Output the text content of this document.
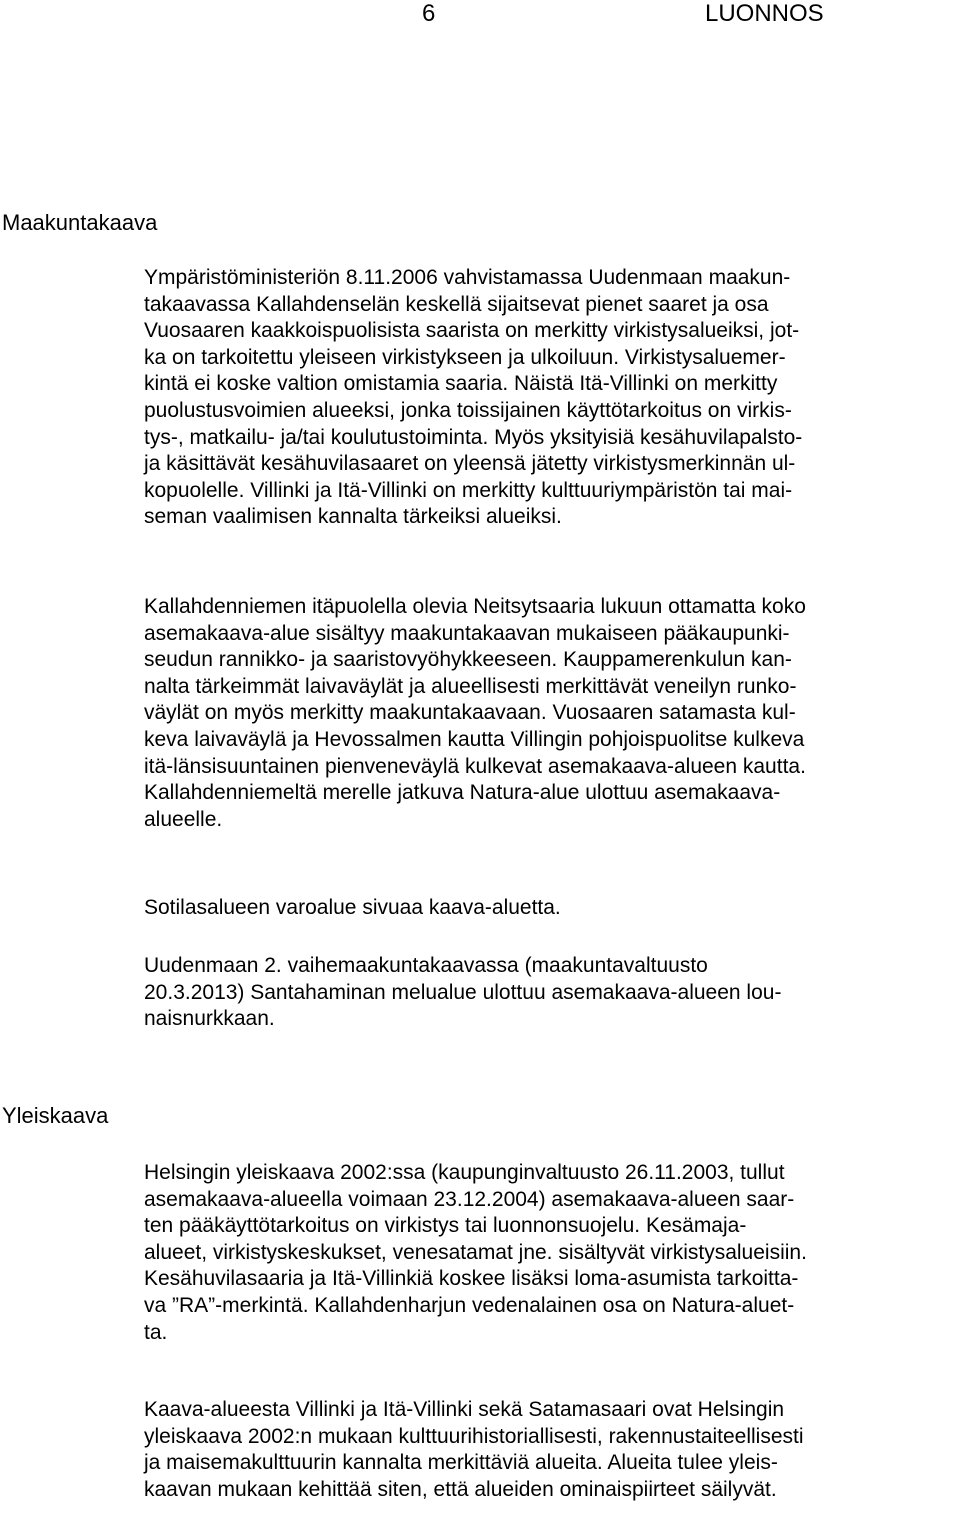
6	LUONNOS
Maakuntakaava

Ympäristöministeriön 8.11.2006 vahvistamassa Uudenmaan maakun-
takaavassa Kallahdenselän keskellä sijaitsevat pienet saaret ja osa
Vuosaaren kaakkoispuolisista saarista on merkitty virkistysalueiksi, jot-
ka on tarkoitettu yleiseen virkistykseen ja ulkoiluun. Virkistysaluemer-
kintä ei koske valtion omistamia saaria. Näistä Itä-Villinki on merkitty
puolustusvoimien alueeksi, jonka toissijainen käyttötarkoitus on virkis-
tys-, matkailu- ja/tai koulutustoiminta. Myös yksityisiä kesähuvilapalsto-
ja käsittävät kesähuvilasaaret on yleensä jätetty virkistysmerkinnän ul-
kopuolelle. Villinki ja Itä-Villinki on merkitty kulttuuriympäristön tai mai-
seman vaalimisen kannalta tärkeiksi alueiksi.

Kallahdenniemen itäpuolella olevia Neitsytsaaria lukuun ottamatta koko
asemakaava-alue sisältyy maakuntakaavan mukaiseen pääkaupunki-
seudun rannikko- ja saaristovyöhykkeeseen. Kauppamerenkulun kan-
nalta tärkeimmät laivaväylät ja alueellisesti merkittävät veneilyn runko-
väylät on myös merkitty maakuntakaavaan. Vuosaaren satamasta kul-
keva laivaväylä ja Hevossalmen kautta Villingin pohjoispuolitse kulkeva
itä-länsisuuntainen pienveneväylä kulkevat asemakaava-alueen kautta.
Kallahdenniemeltä merelle jatkuva Natura-alue ulottuu asemakaava-
alueelle.

Sotilasalueen varoalue sivuaa kaava-aluetta.

Uudenmaan 2. vaihemaakuntakaavassa (maakuntavaltuusto
20.3.2013) Santahaminan melualue ulottuu asemakaava-alueen lou-
naisnurkkaan.

Yleiskaava

Helsingin yleiskaava 2002:ssa (kaupunginvaltuusto 26.11.2003, tullut
asemakaava-alueella voimaan 23.12.2004) asemakaava-alueen saar-
ten pääkäyttötarkoitus on virkistys tai luonnonsuojelu. Kesämaja-
alueet, virkistyskeskukset, venesatamat jne. sisältyvät virkistysalueisiin.
Kesähuvilasaaria ja Itä-Villinkiä koskee lisäksi loma-asumista tarkoitta-
va ”RA”-merkintä. Kallahdenharjun vedenalainen osa on Natura-aluet-
ta.

Kaava-alueesta Villinki ja Itä-Villinki sekä Satamasaari ovat Helsingin
yleiskaava 2002:n mukaan kulttuurihistoriallisesti, rakennustaiteellisesti
ja maisemakulttuurin kannalta merkittäviä alueita. Alueita tulee yleis-
kaavan mukaan kehittää siten, että alueiden ominaispiirteet säilyvät.
